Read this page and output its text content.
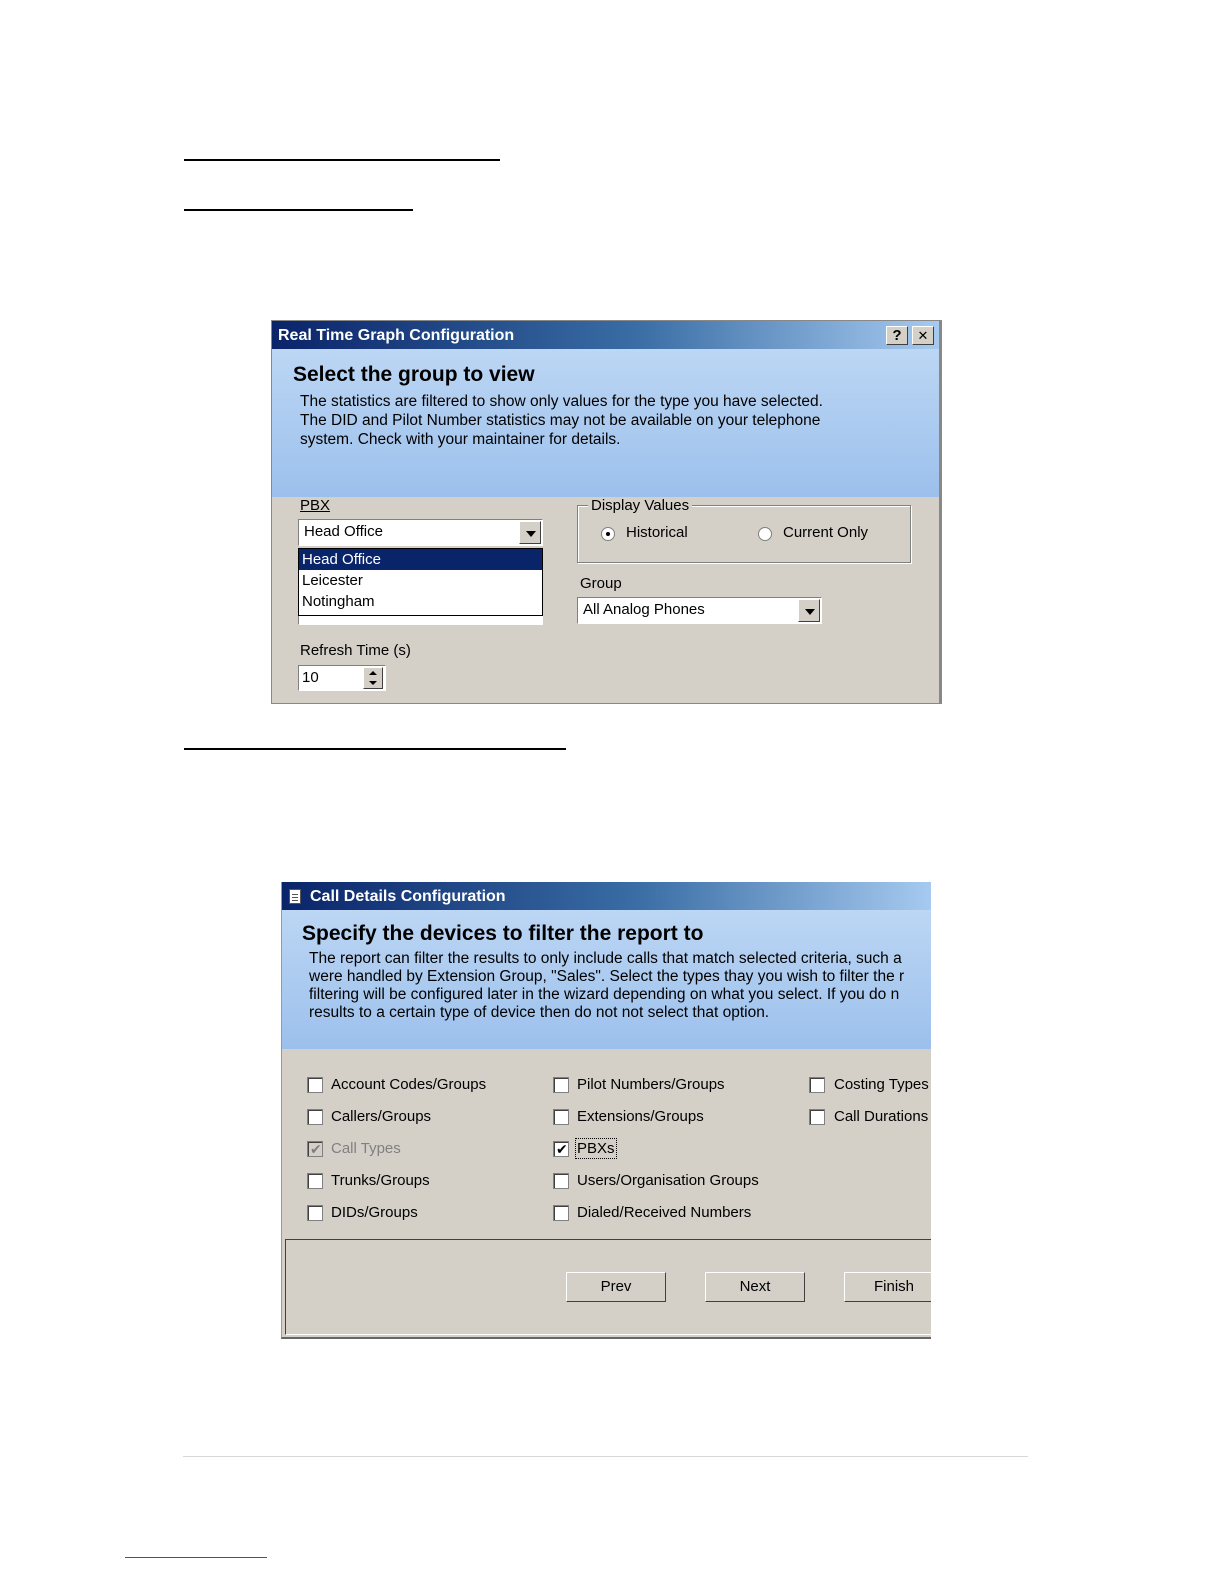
Real Time Graph Configuration	?	✕
Select the group to view
The statistics are filtered to show only values for the type you have selected.
The DID and Pilot Number statistics may not be available on your telephone
system. Check with your maintainer for details.
PBX
Head Office
Head Office
Leicester
Notingham
Display Values
Historical	Current Only
Group
All Analog Phones
Refresh Time (s)
10
Call Details Configuration
Specify the devices to filter the report to
The report can filter the results to only include calls that match selected criteria, such a
were handled by Extension Group, "Sales". Select the types thay you wish to filter the r
filtering will be configured later in the wizard depending on what you select. If you do n
results to a certain type of device then do not not select that option.
Account Codes/Groups
Callers/Groups
✔ Call Types
Trunks/Groups
DIDs/Groups
Pilot Numbers/Groups
Extensions/Groups
✔ PBXs
Users/Organisation Groups
Dialed/Received Numbers
Costing Types
Call Durations
Prev	Next	Finish
